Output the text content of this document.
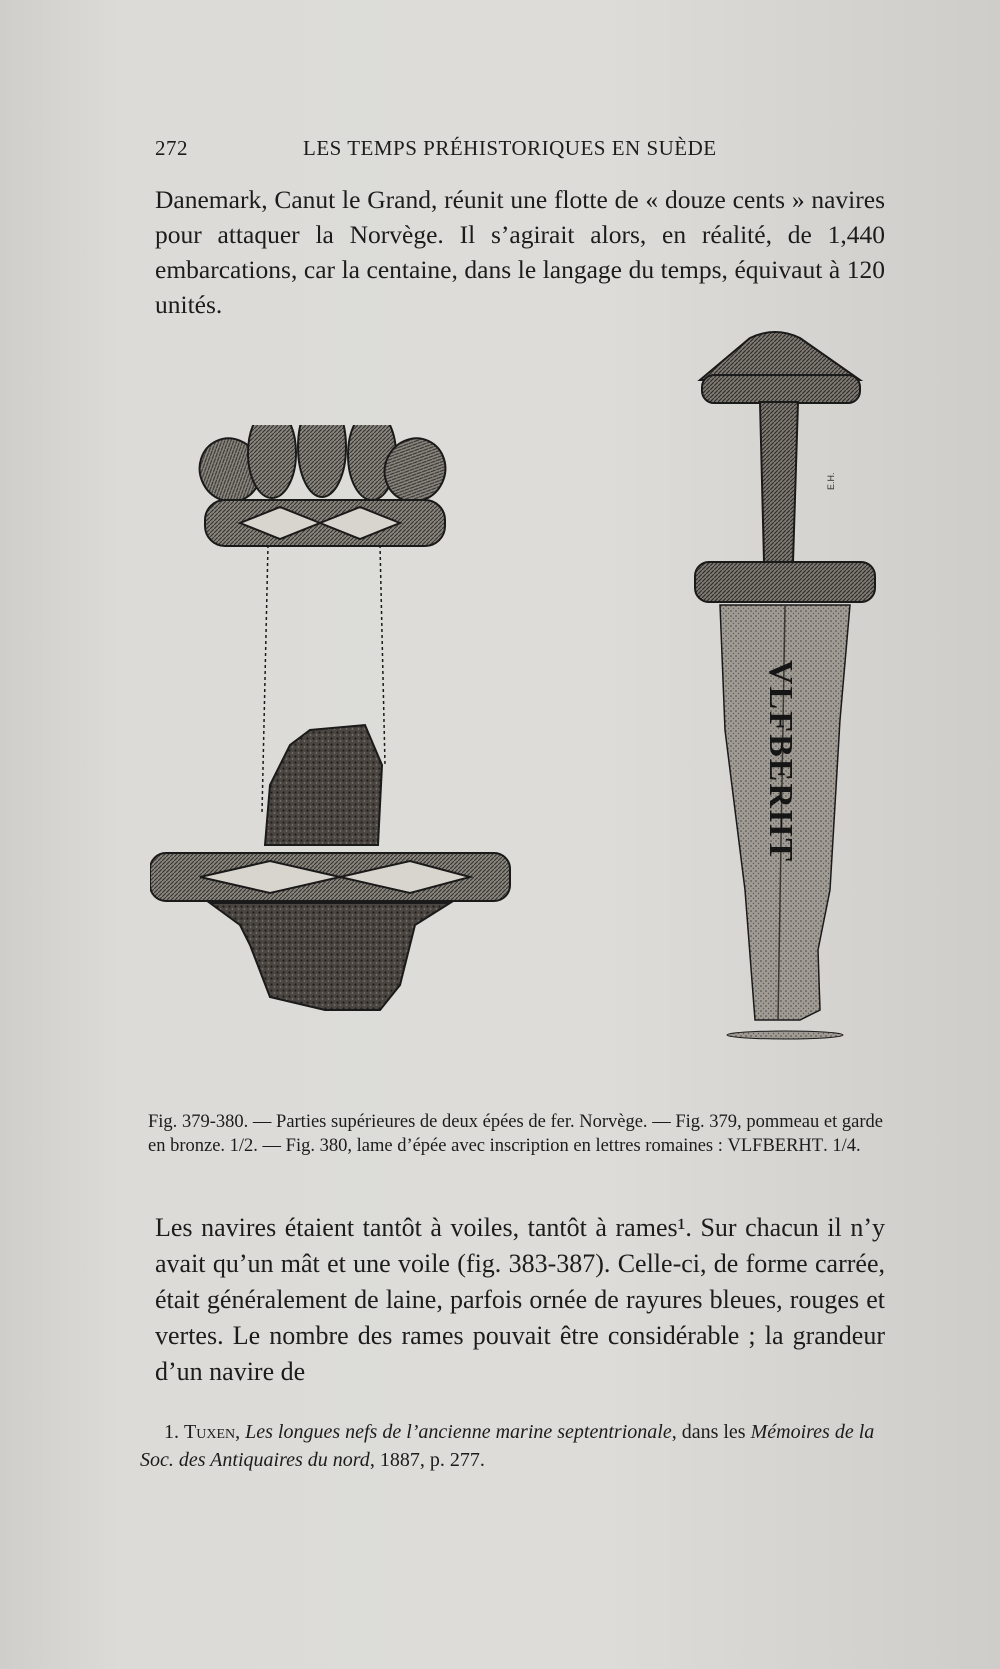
272	LES TEMPS PRÉHISTORIQUES EN SUÈDE

Danemark, Canut le Grand, réunit une flotte de « douze cents » navires pour attaquer la Norvège. Il s’agirait alors, en réalité, de 1,440 embarcations, car la centaine, dans le langage du temps, équivaut à 120 unités.

VLFBERHT
E.H.

Fig. 379-380. — Parties supérieures de deux épées de fer. Norvège. — Fig. 379, pommeau et garde en bronze. 1/2. — Fig. 380, lame d’épée avec inscription en lettres romaines : VLFBERHT. 1/4.

Les navires étaient tantôt à voiles, tantôt à rames¹. Sur chacun il n’y avait qu’un mât et une voile (fig. 383-387). Celle-ci, de forme carrée, était généralement de laine, parfois ornée de rayures bleues, rouges et vertes. Le nombre des rames pouvait être considérable ; la grandeur d’un navire de

1. Tuxen, Les longues nefs de l’ancienne marine septentrionale, dans les Mémoires de la Soc. des Antiquaires du nord, 1887, p. 277.
